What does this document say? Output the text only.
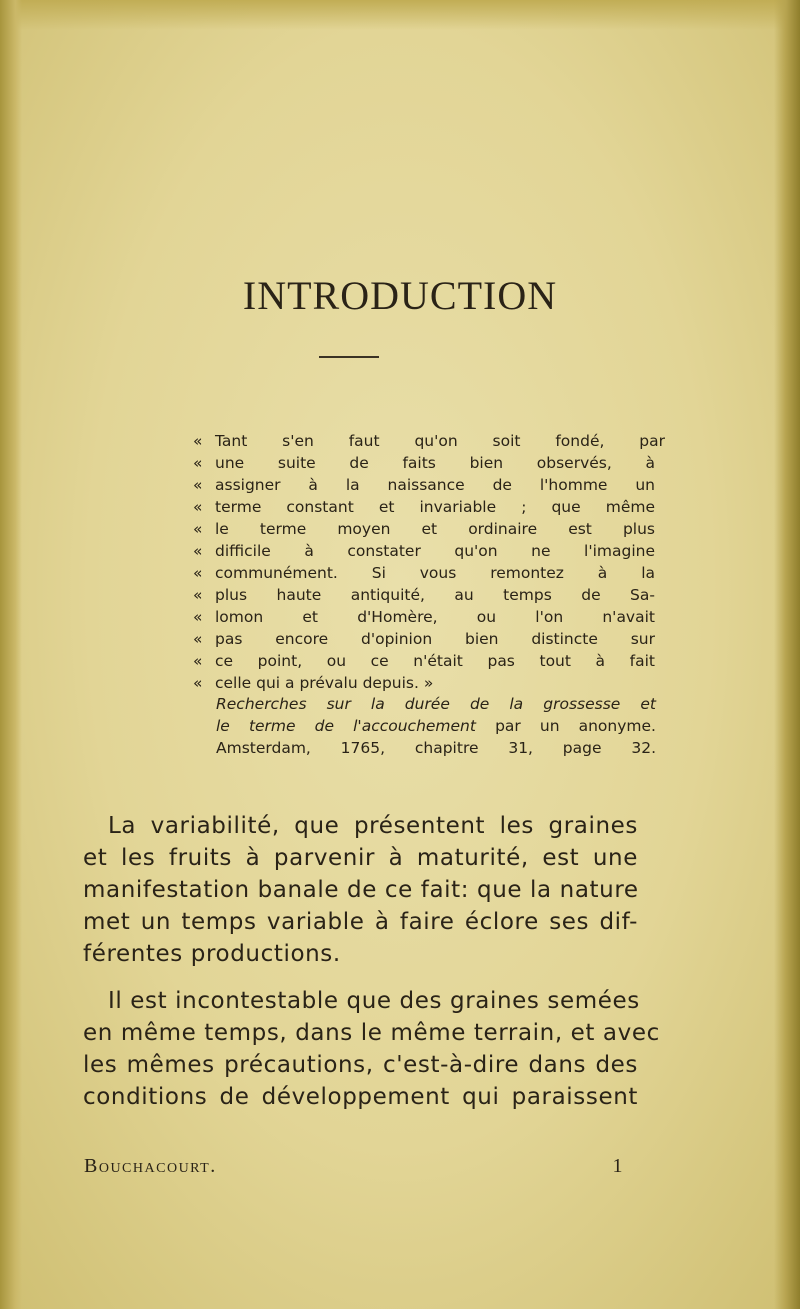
INTRODUCTION
« Tant s'en faut qu'on soit fondé, par
« une suite de faits bien observés, à
« assigner à la naissance de l'homme un
« terme constant et invariable ; que même
« le terme moyen et ordinaire est plus
« difficile à constater qu'on ne l'imagine
« communément. Si vous remontez à la
« plus haute antiquité, au temps de Sa-
« lomon et d'Homère, ou l'on n'avait
« pas encore d'opinion bien distincte sur
« ce point, ou ce n'était pas tout à fait
« celle qui a prévalu depuis. »
Recherches sur la durée de la grossesse et
le terme de l'accouchement par un anonyme.
Amsterdam, 1765, chapitre 31, page 32.
La variabilité, que présentent les graines
et les fruits à parvenir à maturité, est une
manifestation banale de ce fait: que la nature
met un temps variable à faire éclore ses dif-
férentes productions.
Il est incontestable que des graines semées
en même temps, dans le même terrain, et avec
les mêmes précautions, c'est-à-dire dans des
conditions de développement qui paraissent
Bouchacourt.	1
